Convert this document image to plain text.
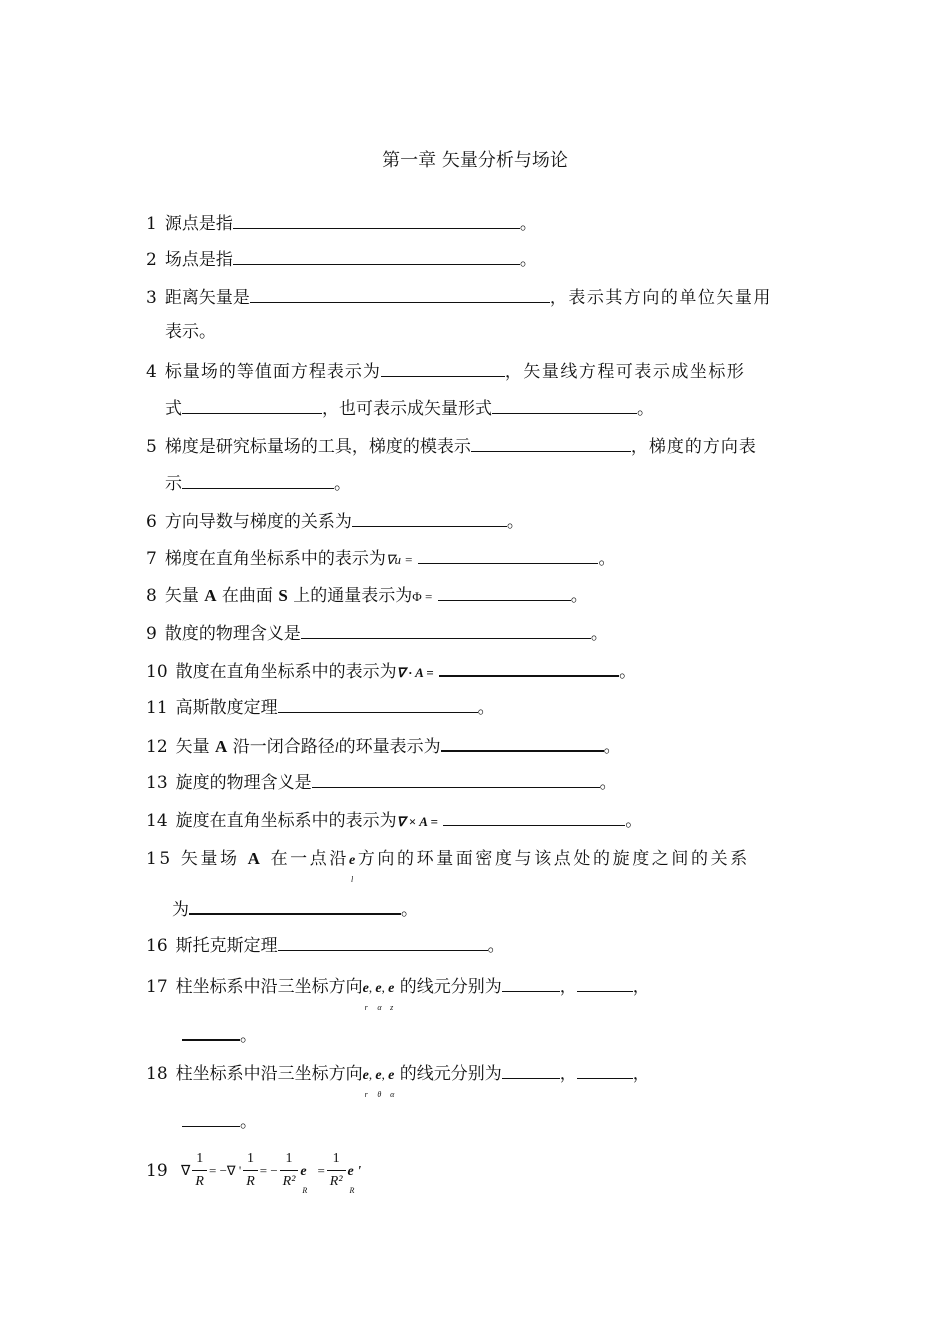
第一章 矢量分析与场论
1 源点是指	。
2 场点是指	。
3 距离矢量是	，表示其方向的单位矢量用
表示。
4 标量场的等值面方程表示为	，矢量线方程可表示成坐标形
式	，也可表示成矢量形式	。
5 梯度是研究标量场的工具，梯度的模表示	，梯度的方向表
示	。
6 方向导数与梯度的关系为	。
7 梯度在直角坐标系中的表示为∇u =	。
8 矢量 A 在曲面 S 上的通量表示为Φ =	。
9 散度的物理含义是	。
10 散度在直角坐标系中的表示为∇ · A =	。
11 高斯散度定理	。
12 矢量 A 沿一闭合路径l的环量表示为	。
13 旋度的物理含义是	。
14 旋度在直角坐标系中的表示为∇ × A =	。
15 矢量场 A 在一点沿e
l
方向的环量面密度与该点处的旋度之间的关系
为	。
16 斯托克斯定理	。
17 柱坐标系中沿三坐标方向e
r
, e
α
, e
z
的线元分别为	，	，
。
18 柱坐标系中沿三坐标方向e
r
, e
θ
, e
α
的线元分别为	，	，
。
19 ∇ $\frac{1}{R}$ = −∇ ' $\frac{1}{R}$ = − $\frac{1}{\text{R²}}$ e
R
= $\frac{1}{\text{R²}}$ e '
R
